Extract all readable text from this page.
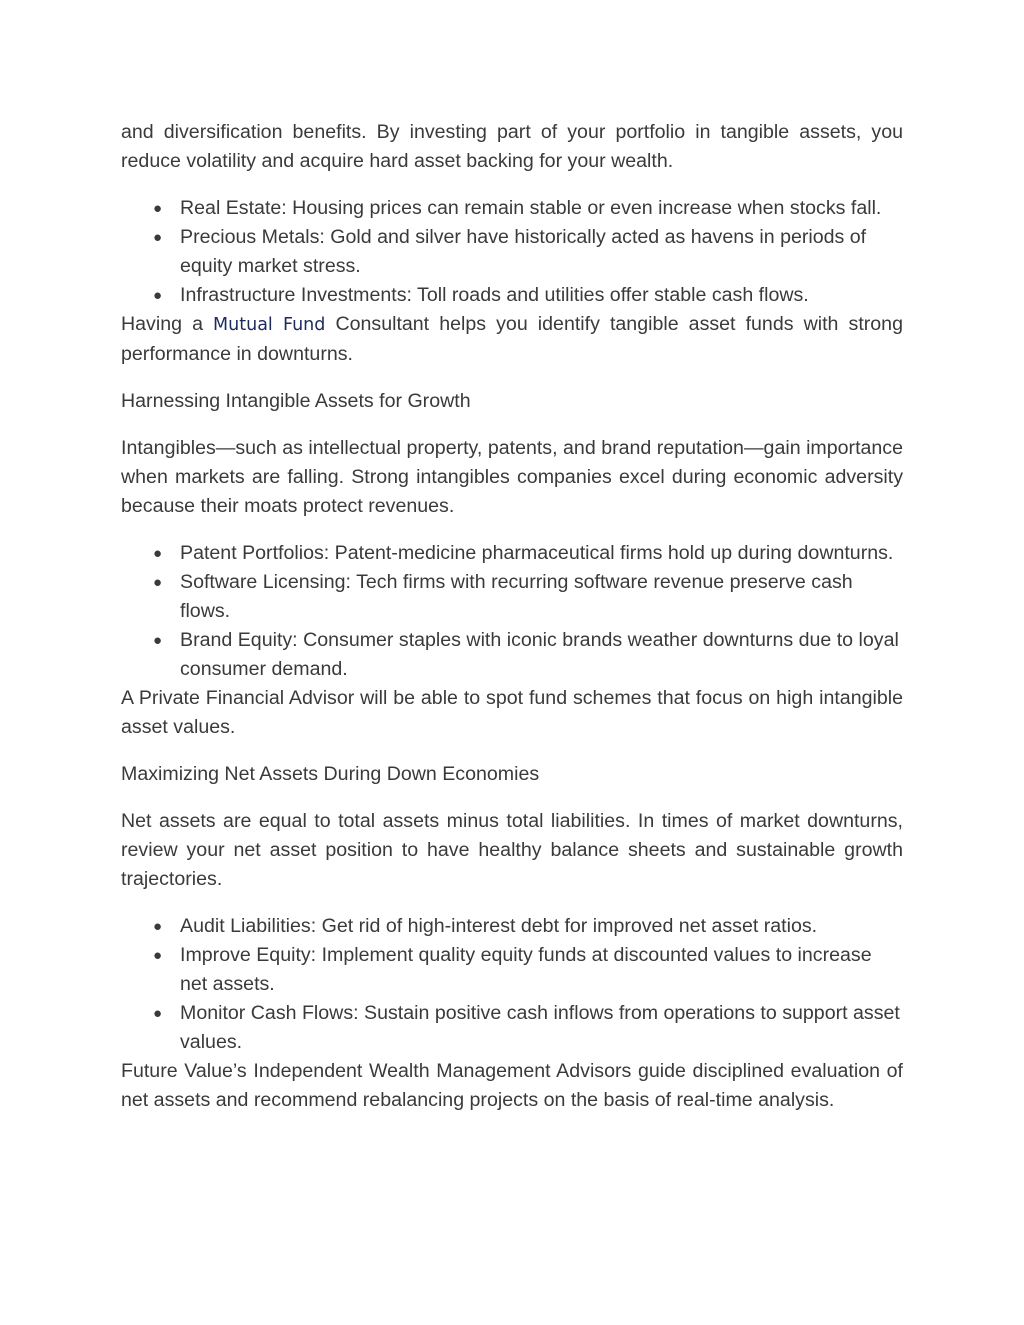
and diversification benefits. By investing part of your portfolio in tangible assets, you reduce volatility and acquire hard asset backing for your wealth.

● Real Estate: Housing prices can remain stable or even increase when stocks fall.
● Precious Metals: Gold and silver have historically acted as havens in periods of equity market stress.
● Infrastructure Investments: Toll roads and utilities offer stable cash flows.

Having a Mutual Fund Consultant helps you identify tangible asset funds with strong performance in downturns.

Harnessing Intangible Assets for Growth

Intangibles—such as intellectual property, patents, and brand reputation—gain importance when markets are falling. Strong intangibles companies excel during economic adversity because their moats protect revenues.

● Patent Portfolios: Patent-medicine pharmaceutical firms hold up during downturns.
● Software Licensing: Tech firms with recurring software revenue preserve cash flows.
● Brand Equity: Consumer staples with iconic brands weather downturns due to loyal consumer demand.

A Private Financial Advisor will be able to spot fund schemes that focus on high intangible asset values.

Maximizing Net Assets During Down Economies

Net assets are equal to total assets minus total liabilities. In times of market downturns, review your net asset position to have healthy balance sheets and sustainable growth trajectories.

● Audit Liabilities: Get rid of high-interest debt for improved net asset ratios.
● Improve Equity: Implement quality equity funds at discounted values to increase net assets.
● Monitor Cash Flows: Sustain positive cash inflows from operations to support asset values.

Future Value’s Independent Wealth Management Advisors guide disciplined evaluation of net assets and recommend rebalancing projects on the basis of real-time analysis.
